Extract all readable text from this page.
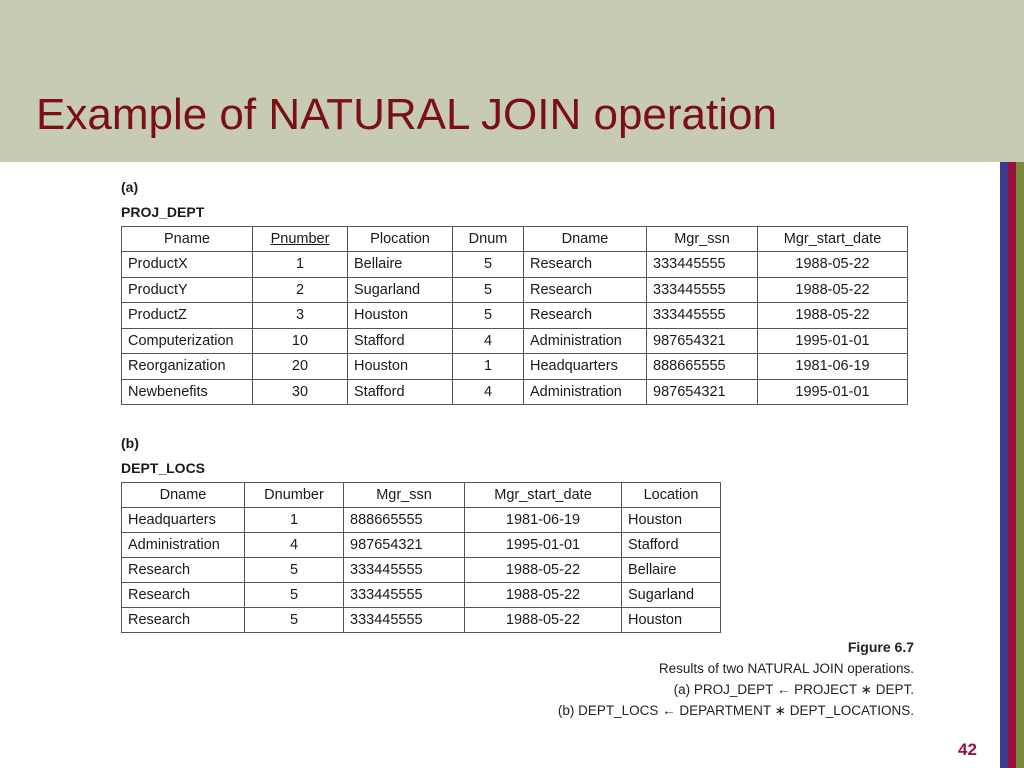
Example of NATURAL JOIN operation
(a)
PROJ_DEPT
Pname	Pnumber	Plocation	Dnum	Dname	Mgr_ssn	Mgr_start_date
ProductX	1	Bellaire	5	Research	333445555	1988-05-22
ProductY	2	Sugarland	5	Research	333445555	1988-05-22
ProductZ	3	Houston	5	Research	333445555	1988-05-22
Computerization	10	Stafford	4	Administration	987654321	1995-01-01
Reorganization	20	Houston	1	Headquarters	888665555	1981-06-19
Newbenefits	30	Stafford	4	Administration	987654321	1995-01-01
(b)
DEPT_LOCS
Dname	Dnumber	Mgr_ssn	Mgr_start_date	Location
Headquarters	1	888665555	1981-06-19	Houston
Administration	4	987654321	1995-01-01	Stafford
Research	5	333445555	1988-05-22	Bellaire
Research	5	333445555	1988-05-22	Sugarland
Research	5	333445555	1988-05-22	Houston
Figure 6.7
Results of two NATURAL JOIN operations.
(a) PROJ_DEPT ← PROJECT ∗ DEPT.
(b) DEPT_LOCS ← DEPARTMENT ∗ DEPT_LOCATIONS.
42
